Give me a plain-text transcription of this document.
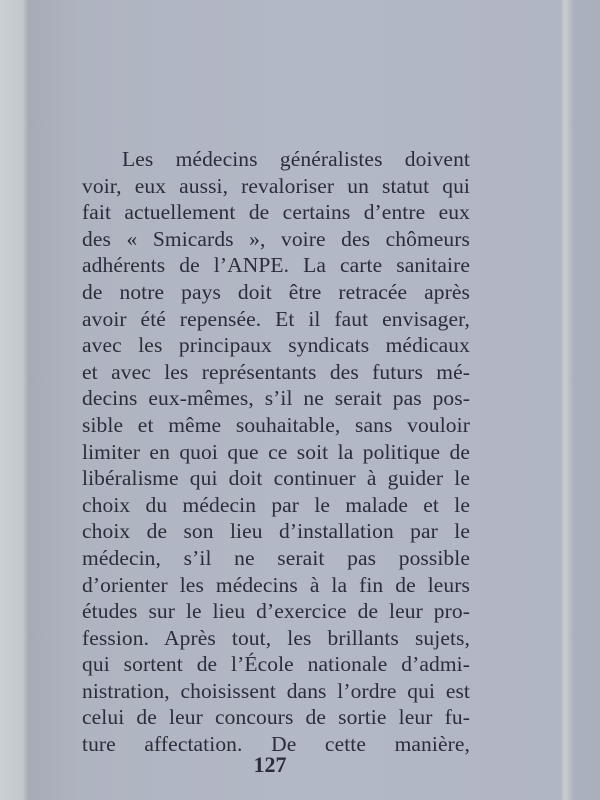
Les médecins généralistes doivent
voir, eux aussi, revaloriser un statut qui
fait actuellement de certains d’entre eux
des « Smicards », voire des chômeurs
adhérents de l’ANPE. La carte sanitaire
de notre pays doit être retracée après
avoir été repensée. Et il faut envisager,
avec les principaux syndicats médicaux
et avec les représentants des futurs mé-
decins eux-mêmes, s’il ne serait pas pos-
sible et même souhaitable, sans vouloir
limiter en quoi que ce soit la politique de
libéralisme qui doit continuer à guider le
choix du médecin par le malade et le
choix de son lieu d’installation par le
médecin, s’il ne serait pas possible
d’orienter les médecins à la fin de leurs
études sur le lieu d’exercice de leur pro-
fession. Après tout, les brillants sujets,
qui sortent de l’École nationale d’admi-
nistration, choisissent dans l’ordre qui est
celui de leur concours de sortie leur fu-
ture affectation. De cette manière,
127
